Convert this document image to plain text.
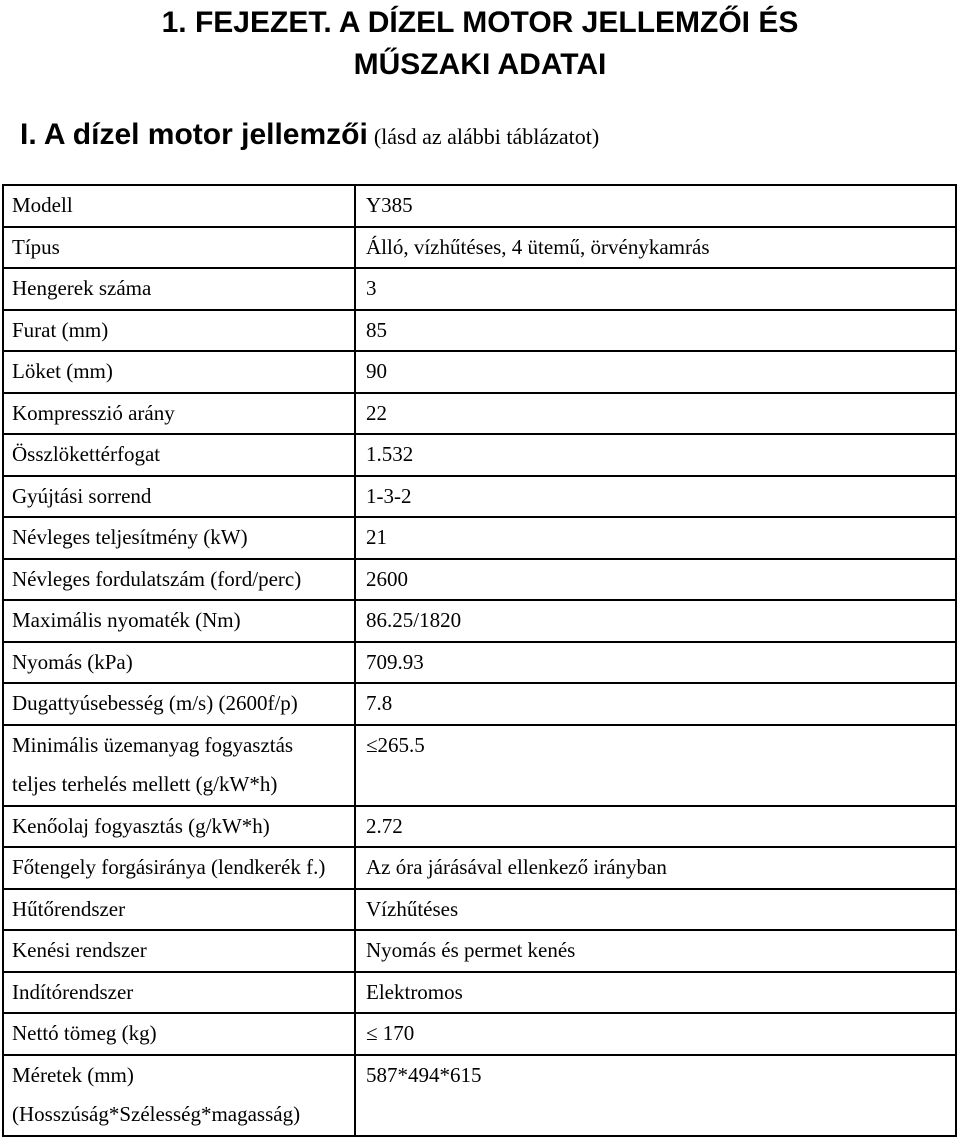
1. FEJEZET. A DÍZEL MOTOR JELLEMZŐI ÉS
MŰSZAKI ADATAI
I. A dízel motor jellemzői (lásd az alábbi táblázatot)
Modell	Y385

Típus	Álló, vízhűtéses, 4 ütemű, örvénykamrás

Hengerek száma	3

Furat (mm)	85

Löket (mm)	90

Kompresszió arány	22

Összlökettérfogat	1.532

Gyújtási sorrend	1-3-2

Névleges teljesítmény (kW)	21

Névleges fordulatszám (ford/perc)	2600

Maximális nyomaték (Nm)	86.25/1820

Nyomás (kPa)	709.93

Dugattyúsebesség (m/s) (2600f/p)	7.8

Minimális üzemanyag fogyasztás
teljes terhelés mellett (g/kW*h)	≤265.5

Kenőolaj fogyasztás (g/kW*h)	2.72

Főtengely forgásiránya (lendkerék f.)	Az óra járásával ellenkező irányban

Hűtőrendszer	Vízhűtéses

Kenési rendszer	Nyomás és permet kenés

Indítórendszer	Elektromos

Nettó tömeg (kg)	≤ 170

Méretek (mm)
(Hosszúság*Szélesség*magasság)	587*494*615
